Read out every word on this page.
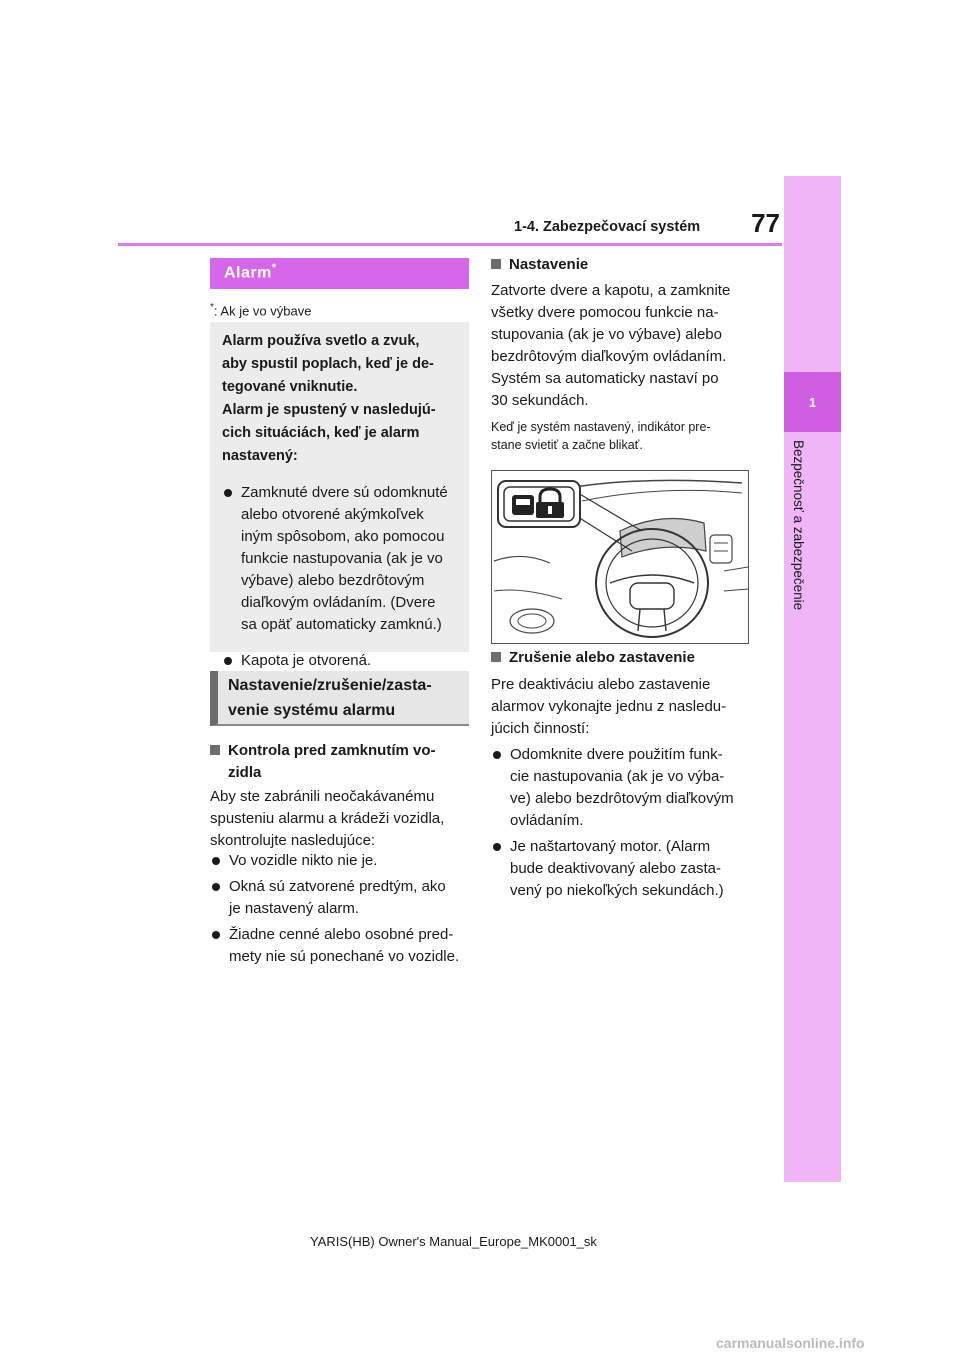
77
1-4. Zabezpečovací systém
1
Bezpečnosť a zabezpečenie
Alarm*
*: Ak je vo výbave
Alarm používa svetlo a zvuk,
aby spustil poplach, keď je de-
tegované vniknutie.
Alarm je spustený v nasledujú-
cich situáciách, keď je alarm
nastavený:
Zamknuté dvere sú odomknuté
alebo otvorené akýmkoľvek
iným spôsobom, ako pomocou
funkcie nastupovania (ak je vo
výbave) alebo bezdrôtovým
diaľkovým ovládaním. (Dvere
sa opäť automaticky zamknú.)
Kapota je otvorená.
Nastavenie/zrušenie/zasta-
venie systému alarmu
Kontrola pred zamknutím vo-
zidla
Aby ste zabránili neočakávanému
spusteniu alarmu a krádeži vozidla,
skontrolujte nasledujúce:
Vo vozidle nikto nie je.
Okná sú zatvorené predtým, ako
je nastavený alarm.
Žiadne cenné alebo osobné pred-
mety nie sú ponechané vo vozidle.
Nastavenie
Zatvorte dvere a kapotu, a zamknite
všetky dvere pomocou funkcie na-
stupovania (ak je vo výbave) alebo
bezdrôtovým diaľkovým ovládaním.
Systém sa automaticky nastaví po
30 sekundách.
Keď je systém nastavený, indikátor pre-
stane svietiť a začne blikať.
Zrušenie alebo zastavenie
Pre deaktiváciu alebo zastavenie
alarmov vykonajte jednu z nasledu-
júcich činností:
Odomknite dvere použitím funk-
cie nastupovania (ak je vo výba-
ve) alebo bezdrôtovým diaľkovým
ovládaním.
Je naštartovaný motor. (Alarm
bude deaktivovaný alebo zasta-
vený po niekoľkých sekundách.)
YARIS(HB) Owner's Manual_Europe_MK0001_sk
carmanualsonline.info
